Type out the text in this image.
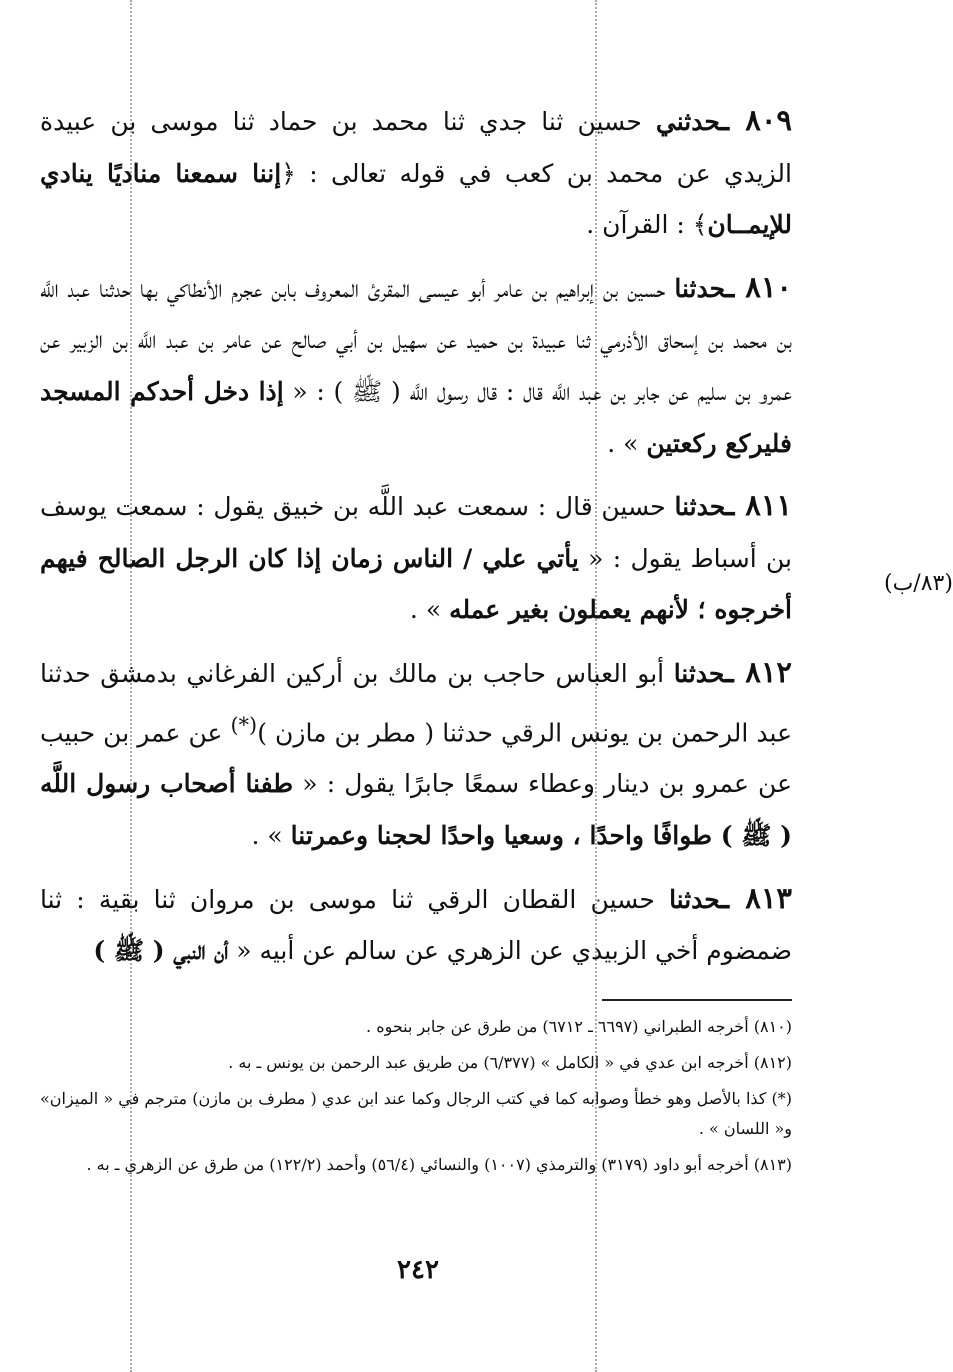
(٨٣/ب)

٨٠٩ ـحدثني حسين ثنا جدي ثنا محمد بن حماد ثنا موسى بن عبيدة الزيدي عن محمد بن كعب في قوله تعالى : ﴿إننا سمعنا مناديًا ينادي للإيمــان﴾ : القرآن .

٨١٠ ـحدثنا حسين بن إبراهيم بن عامر أبو عيسى المقرئ المعروف بابن عجرم الأنطاكي بها حدثنا عبد اللَّه بن محمد بن إسحاق الأذرمي ثنا عبيدة بن حميد عن سهيل بن أبي صالح عن عامر بن عبد اللَّه بن الزبير عن عمرو بن سليم عن جابر بن عبد اللَّه قال : قال رسول اللَّه ( ﷺ ) : « إذا دخل أحدكم المسجد فليركع ركعتين » .

٨١١ ـحدثنا حسين قال : سمعت عبد اللَّه بن خبيق يقول : سمعت يوسف بن أسباط يقول : « يأتي علي / الناس زمان إذا كان الرجل الصالح فيهم أخرجوه ؛ لأنهم يعملون بغير عمله » .

٨١٢ ـحدثنا أبو العباس حاجب بن مالك بن أركين الفرغاني بدمشق حدثنا عبد الرحمن بن يونس الرقي حدثنا ( مطر بن مازن )(*) عن عمر بن حبيب عن عمرو بن دينار وعطاء سمعًا جابرًا يقول : « طفنا أصحاب رسول اللَّه ( ﷺ ) طوافًا واحدًا ، وسعيا واحدًا لحجنا وعمرتنا » .

٨١٣ ـحدثنا حسين القطان الرقي ثنا موسى بن مروان ثنا بقية : ثنا ضمضوم أخي الزبيدي عن الزهري عن سالم عن أبيه « أن النبي ( ﷺ )

(٨١٠) أخرجه الطبراني (٦٦٩٧ ـ ٦٧١٢) من طرق عن جابر بنحوه .

(٨١٢) أخرجه ابن عدي في « الكامل » (٦/٣٧٧) من طريق عبد الرحمن بن يونس ـ به .

(*) كذا بالأصل وهو خطأ وصوابه كما في كتب الرجال وكما عند ابن عدي ( مطرف بن مازن) مترجم في « الميزان» و« اللسان » .

(٨١٣) أخرجه أبو داود (٣١٧٩) والترمذي (١٠٠٧) والنسائي (٥٦/٤) وأحمد (١٢٢/٢) من طرق عن الزهري ـ به .

٢٤٢
